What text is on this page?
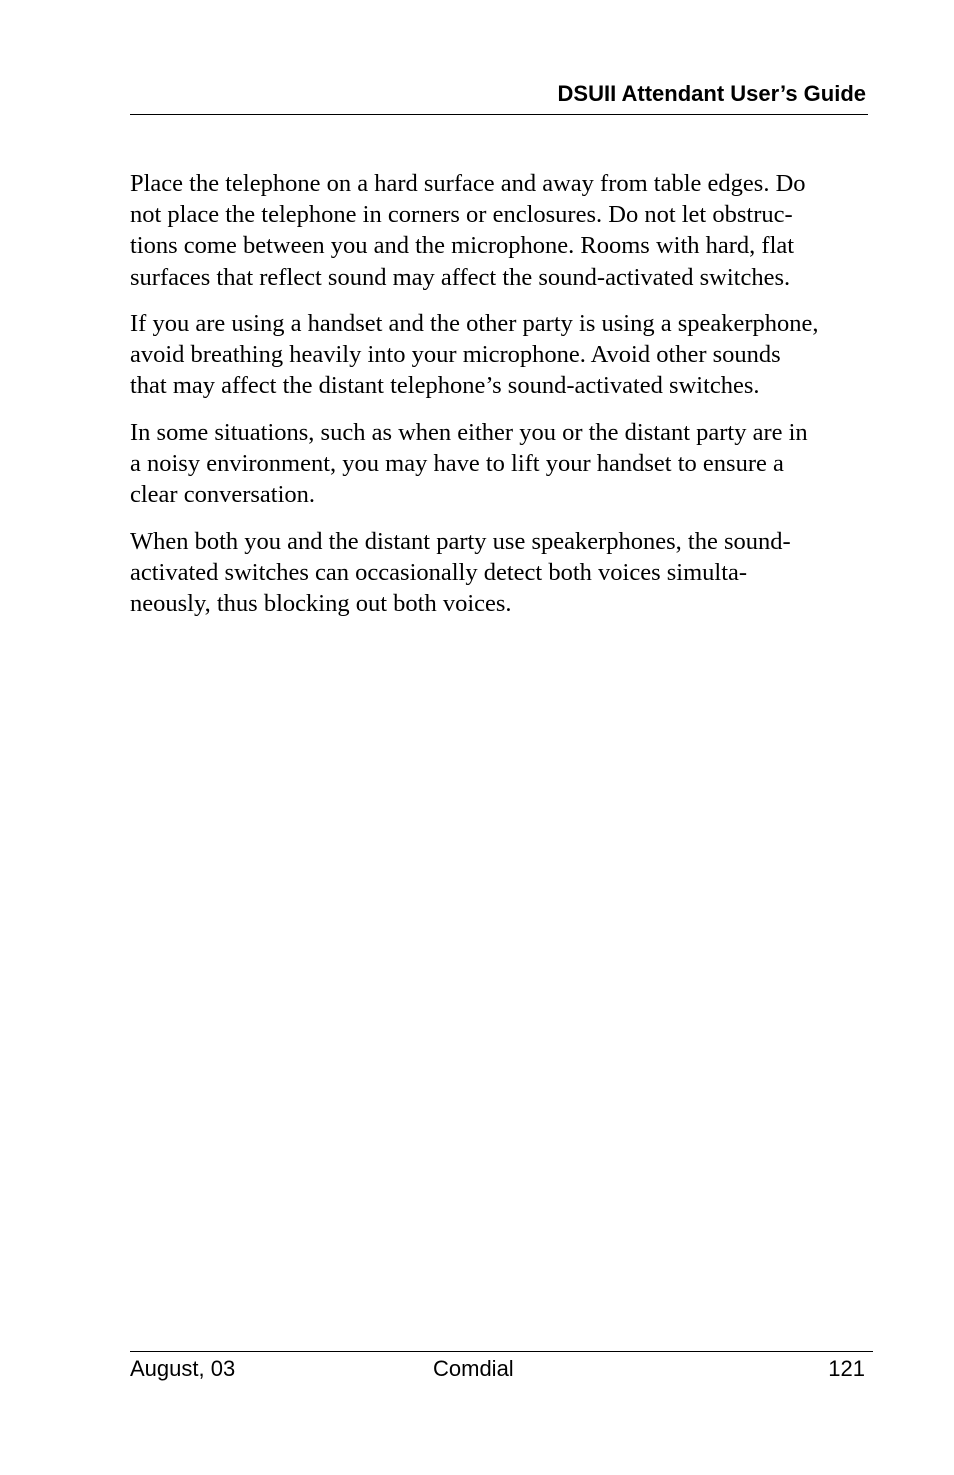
DSUII Attendant User’s Guide

Place the telephone on a hard surface and away from table edges. Do
not place the telephone in corners or enclosures. Do not let obstruc-
tions come between you and the microphone. Rooms with hard, flat
surfaces that reflect sound may affect the sound-activated switches.

If you are using a handset and the other party is using a speakerphone,
avoid breathing heavily into your microphone. Avoid other sounds
that may affect the distant telephone’s sound-activated switches.

In some situations, such as when either you or the distant party are in
a noisy environment, you may have to lift your handset to ensure a
clear conversation.

When both you and the distant party use speakerphones, the sound-
activated switches can occasionally detect both voices simulta-
neously, thus blocking out both voices.

August, 03	Comdial	121
